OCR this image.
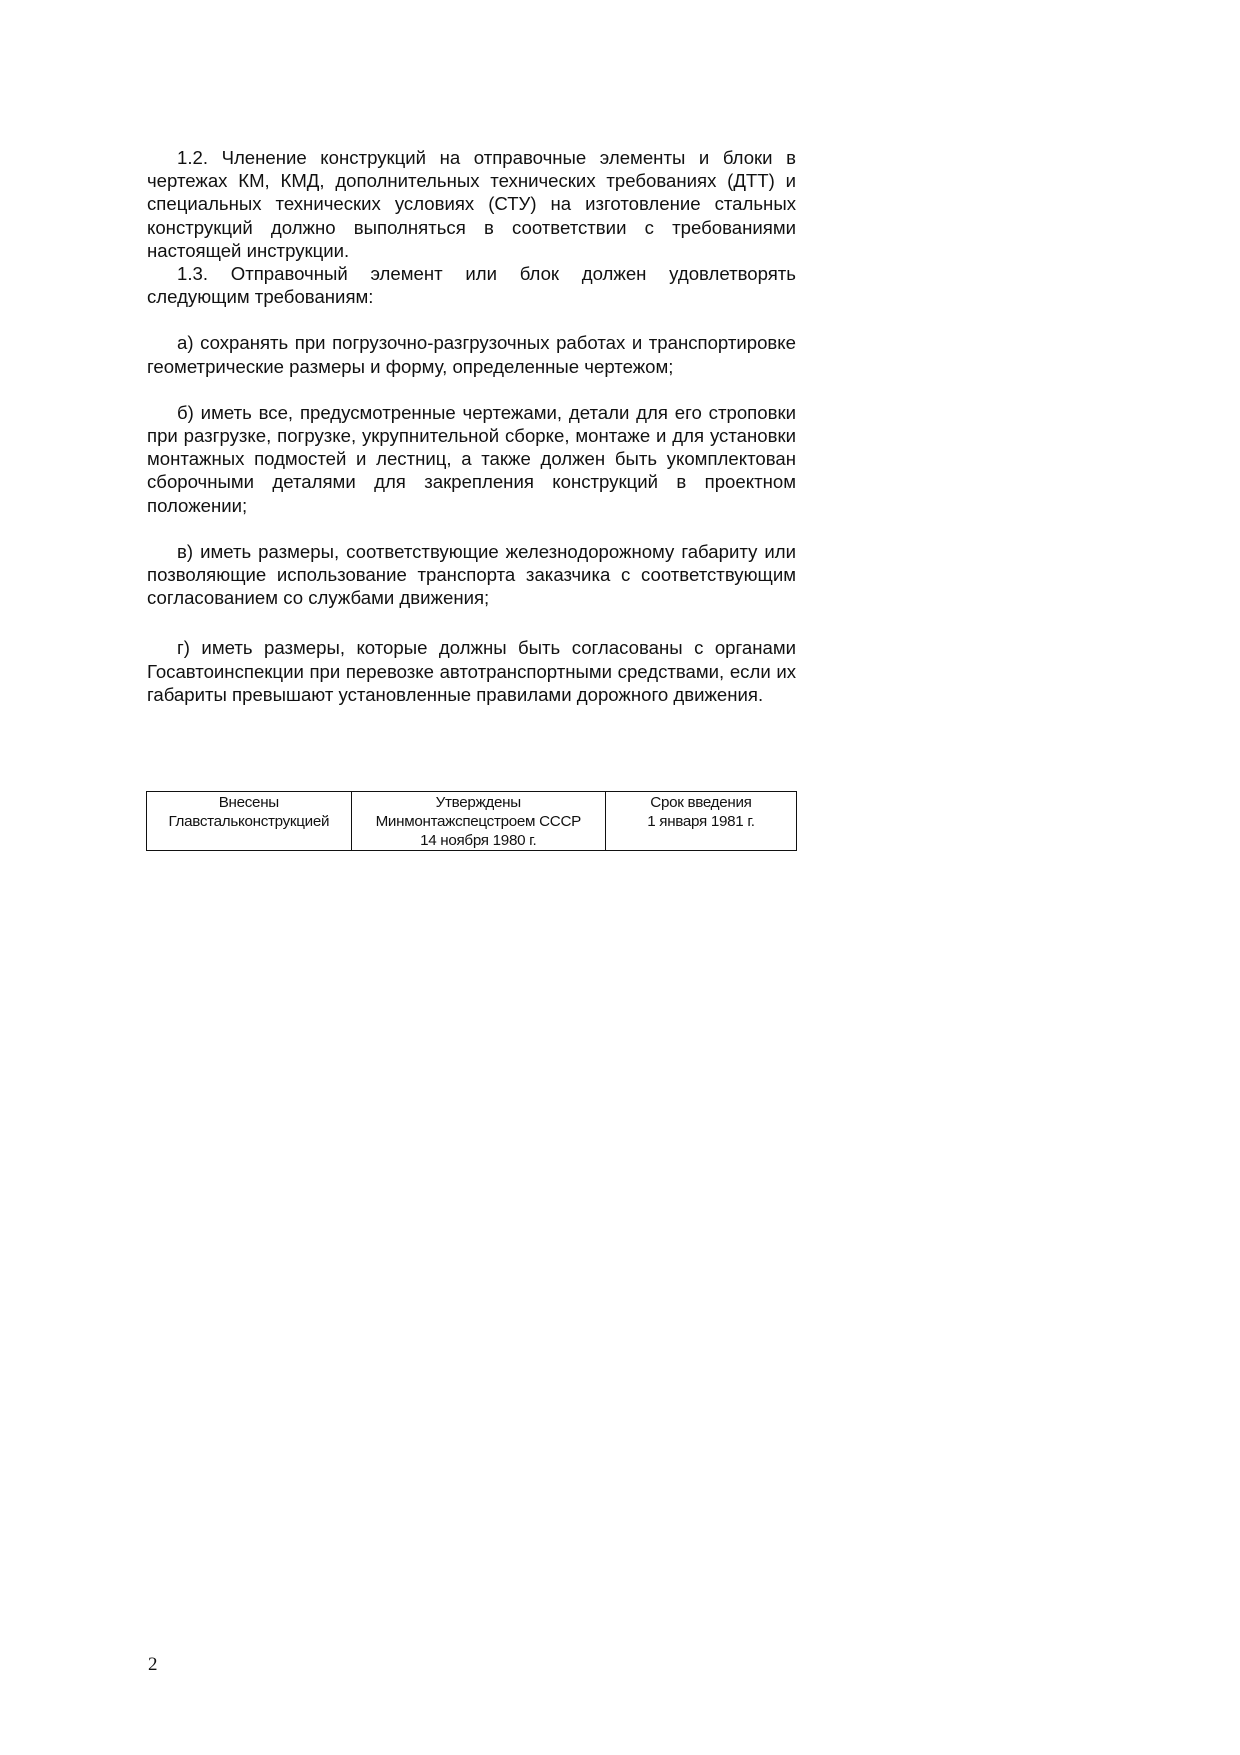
1.2. Членение конструкций на отправочные элементы и блоки в чертежах КМ, КМД, дополнительных технических требованиях (ДТТ) и специальных технических условиях (СТУ) на изготовление стальных конструкций должно выполняться в соответствии с требованиями настоящей инструкции.

1.3. Отправочный элемент или блок должен удовлетворять следующим требованиям:

а) сохранять при погрузочно-разгрузочных работах и транспортировке геометрические размеры и форму, определенные чертежом;

б) иметь все, предусмотренные чертежами, детали для его строповки при разгрузке, погрузке, укрупнительной сборке, монтаже и для установки монтажных подмостей и лестниц, а также должен быть укомплектован сборочными деталями для закрепления конструкций в проектном положении;

в) иметь размеры, соответствующие железнодорожному габариту или позволяющие использование транспорта заказчика с соответствующим согласованием со службами движения;

г) иметь размеры, которые должны быть согласованы с органами Госавтоинспекции при перевозке автотранспортными средствами, если их габариты превышают установленные правилами дорожного движения.

Внесены
Главстальконструкцией

Утверждены
Минмонтажспецстроем СССР
14 ноября 1980 г.

Срок введения
1 января 1981 г.
2
